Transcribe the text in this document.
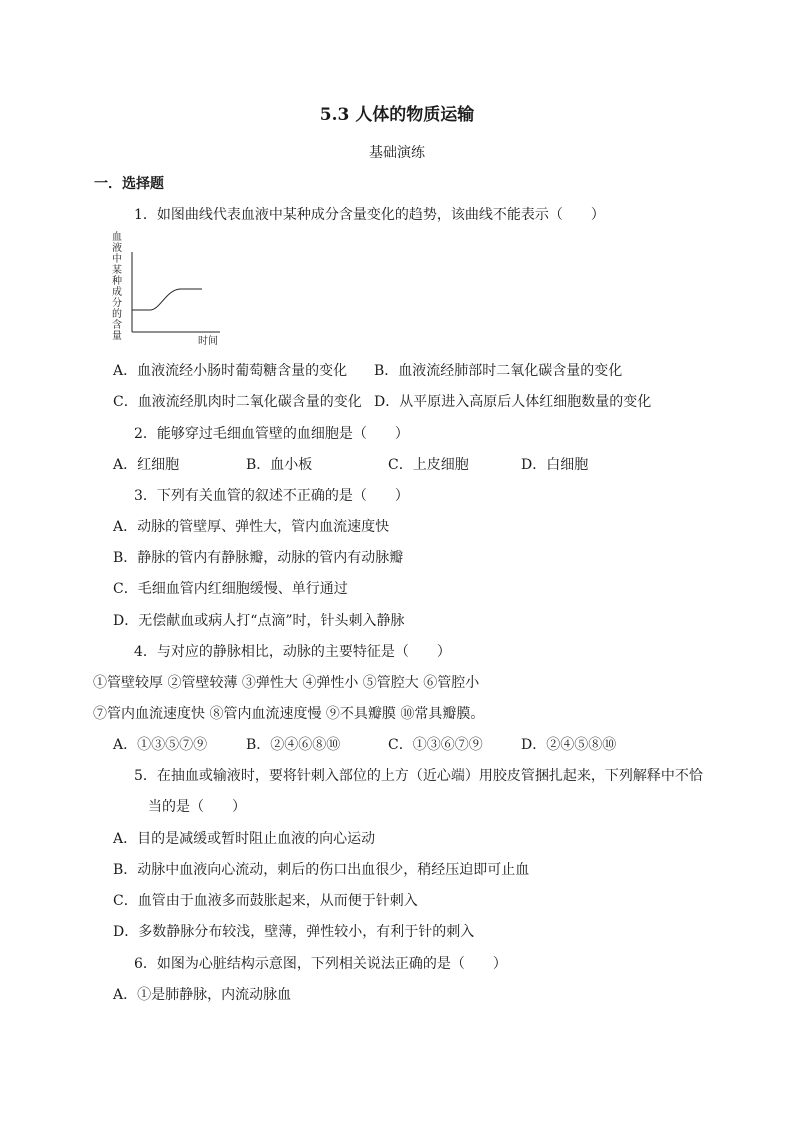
5.3 人体的物质运输
基础演练
一．选择题
1．如图曲线代表血液中某种成分含量变化的趋势，该曲线不能表示（　　）
血
液
中
某
种
成
分
的
含
量	时间
A．血液流经小肠时葡萄糖含量的变化 B．血液流经肺部时二氧化碳含量的变化
C．血液流经肌肉时二氧化碳含量的变化 D．从平原进入高原后人体红细胞数量的变化
2．能够穿过毛细血管壁的血细胞是（　　）
A．红细胞	B．血小板	C．上皮细胞	D．白细胞
3．下列有关血管的叙述不正确的是（　　）
A．动脉的管壁厚、弹性大，管内血流速度快
B．静脉的管内有静脉瓣，动脉的管内有动脉瓣
C．毛细血管内红细胞缓慢、单行通过
D．无偿献血或病人打“点滴”时，针头刺入静脉
4．与对应的静脉相比，动脉的主要特征是（　　）
①管壁较厚 ②管壁较薄 ③弹性大 ④弹性小 ⑤管腔大 ⑥管腔小
⑦管内血流速度快 ⑧管内血流速度慢 ⑨不具瓣膜 ⑩常具瓣膜。
A．①③⑤⑦⑨	B．②④⑥⑧⑩	C．①③⑥⑦⑨	D．②④⑤⑧⑩
5．在抽血或输液时，要将针刺入部位的上方（近心端）用胶皮管捆扎起来，下列解释中不恰
当的是（　　）
A．目的是减缓或暂时阻止血液的向心运动
B．动脉中血液向心流动，刺后的伤口出血很少，稍经压迫即可止血
C．血管由于血液多而鼓胀起来，从而便于针刺入
D．多数静脉分布较浅，壁薄，弹性较小，有利于针的刺入
6．如图为心脏结构示意图，下列相关说法正确的是（　　）
A．①是肺静脉，内流动脉血
